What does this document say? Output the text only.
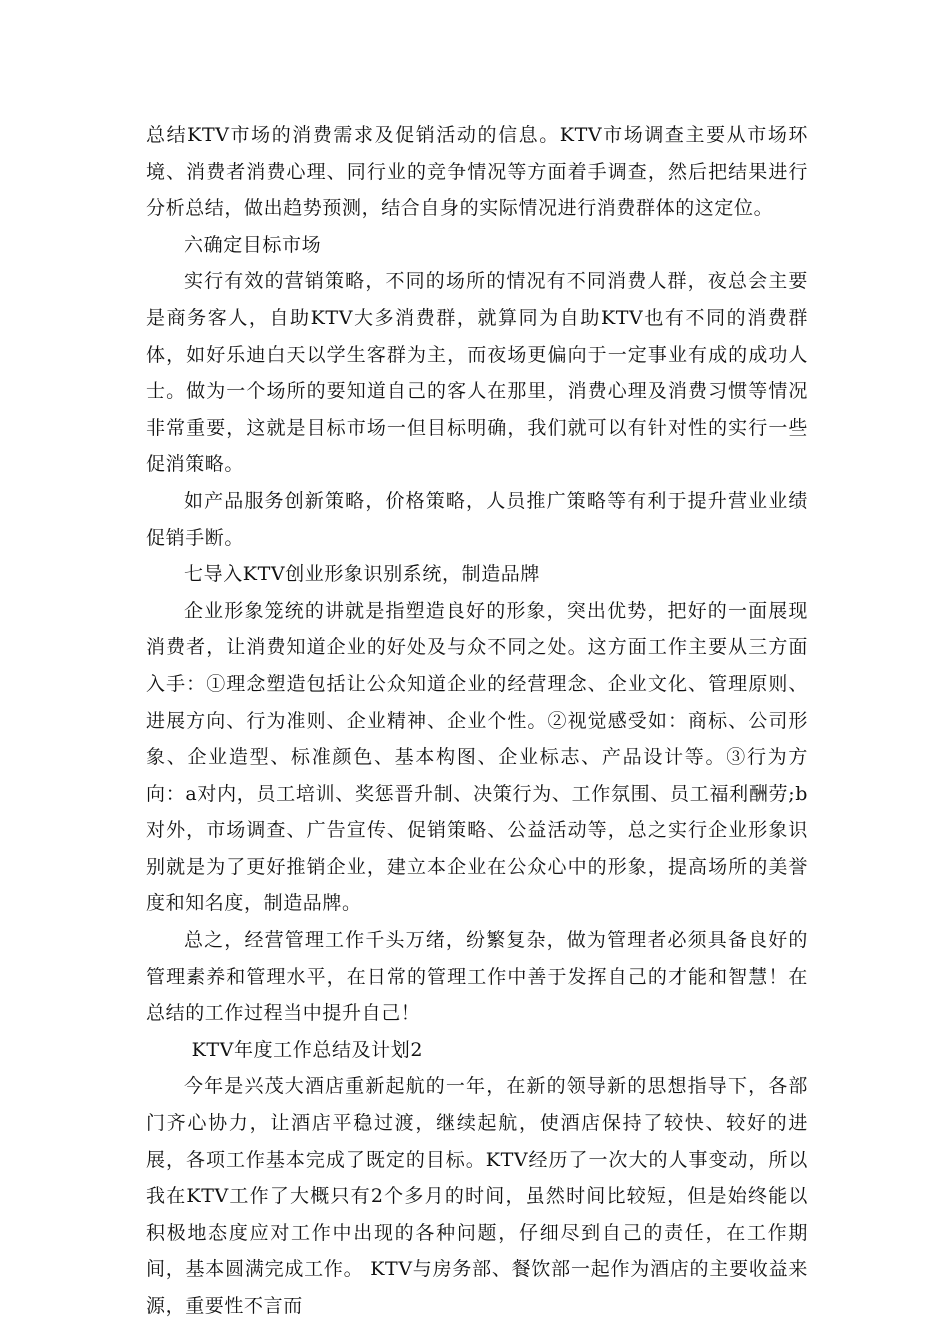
总结KTV市场的消费需求及促销活动的信息。KTV市场调查主要从市场环境、消费者消费心理、同行业的竞争情况等方面着手调查，然后把结果进行分析总结，做出趋势预测，结合自身的实际情况进行消费群体的这定位。

六确定目标市场

实行有效的营销策略，不同的场所的情况有不同消费人群，夜总会主要是商务客人，自助KTV大多消费群，就算同为自助KTV也有不同的消费群体，如好乐迪白天以学生客群为主，而夜场更偏向于一定事业有成的成功人士。做为一个场所的要知道自己的客人在那里，消费心理及消费习惯等情况非常重要，这就是目标市场一但目标明确，我们就可以有针对性的实行一些促消策略。

如产品服务创新策略，价格策略，人员推广策略等有利于提升营业业绩促销手断。

七导入KTV创业形象识别系统，制造品牌

企业形象笼统的讲就是指塑造良好的形象，突出优势，把好的一面展现消费者，让消费知道企业的好处及与众不同之处。这方面工作主要从三方面入手：①理念塑造包括让公众知道企业的经营理念、企业文化、管理原则、进展方向、行为准则、企业精神、企业个性。②视觉感受如：商标、公司形象、企业造型、标准颜色、基本构图、企业标志、产品设计等。③行为方向：a对内，员工培训、奖惩晋升制、决策行为、工作氛围、员工福利酬劳;b对外，市场调查、广告宣传、促销策略、公益活动等，总之实行企业形象识别就是为了更好推销企业，建立本企业在公众心中的形象，提高场所的美誉度和知名度，制造品牌。

总之，经营管理工作千头万绪，纷繁复杂，做为管理者必须具备良好的管理素养和管理水平，在日常的管理工作中善于发挥自己的才能和智慧！在总结的工作过程当中提升自己！

KTV年度工作总结及计划2

今年是兴茂大酒店重新起航的一年，在新的领导新的思想指导下，各部门齐心协力，让酒店平稳过渡，继续起航，使酒店保持了较快、较好的进展，各项工作基本完成了既定的目标。KTV经历了一次大的人事变动，所以我在KTV工作了大概只有2个多月的时间，虽然时间比较短，但是始终能以积极地态度应对工作中出现的各种问题，仔细尽到自己的责任，在工作期间，基本圆满完成工作。 KTV与房务部、餐饮部一起作为酒店的主要收益来源，重要性不言而
